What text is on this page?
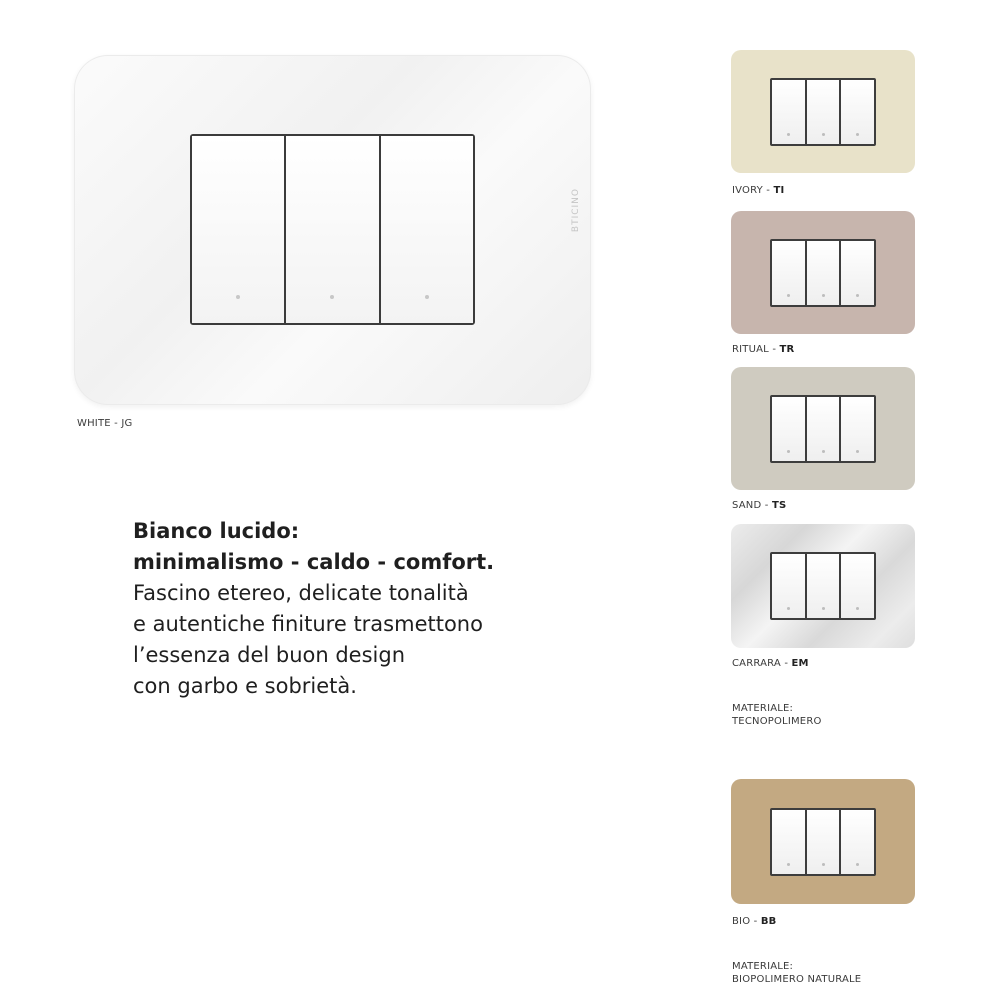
BTICINO
WHITE - JG
Bianco lucido:
minimalismo - caldo - comfort.
Fascino etereo, delicate tonalità
e autentiche finiture trasmettono
l’essenza del buon design
con garbo e sobrietà.
IVORY - TI
RITUAL - TR
SAND - TS
CARRARA - EM
MATERIALE:
TECNOPOLIMERO
BIO - BB
MATERIALE:
BIOPOLIMERO NATURALE
